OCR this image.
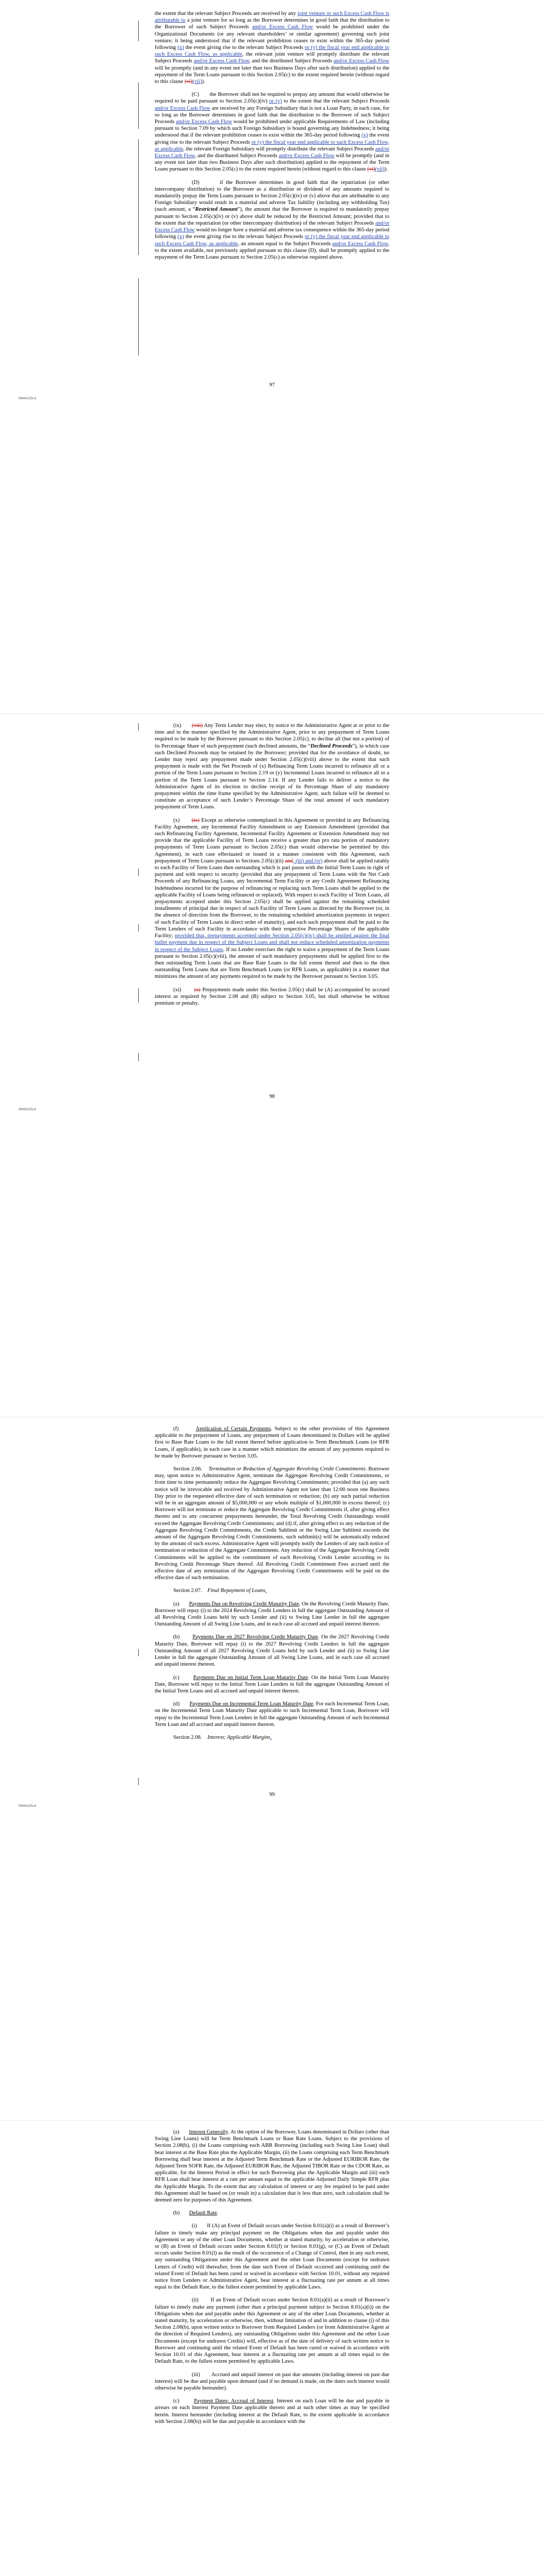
the extent that the relevant Subject Proceeds are received by any joint venture or such Excess Cash Flow is attributable to a joint venture for so long as the Borrower determines in good faith that the distribution to the Borrower of such Subject Proceeds and/or Excess Cash Flow would be prohibited under the Organizational Documents (or any relevant shareholders’ or similar agreement) governing such joint venture; it being understood that if the relevant prohibition ceases to exist within the 365-day period following (x) the event giving rise to the relevant Subject Proceeds or (y) the fiscal year end applicable to such Excess Cash Flow, as applicable, the relevant joint venture will promptly distribute the relevant Subject Proceeds and/or Excess Cash Flow, and the distributed Subject Proceeds and/or Excess Cash Flow will be promptly (and in any event not later than two Business Days after such distribution) applied to the repayment of the Term Loans pursuant to this Section 2.05(c) to the extent required herein (without regard to this clause (vi)(vii)).

(C)       the Borrower shall not be required to prepay any amount that would otherwise be required to be paid pursuant to Section 2.05(c)(iv) or (v) to the extent that the relevant Subject Proceeds and/or Excess Cash Flow are received by any Foreign Subsidiary that is not a Loan Party, in each case, for so long as the Borrower determines in good faith that the distribution to the Borrower of such Subject Proceeds and/or Excess Cash Flow would be prohibited under applicable Requirements of Law (including pursuant to Section 7.09 by which such Foreign Subsidiary is bound governing any Indebtedness; it being understood that if the relevant prohibition ceases to exist within the 365-day period following (x) the event giving rise to the relevant Subject Proceeds or (y) the fiscal year end applicable to such Excess Cash Flow, as applicable, the relevant Foreign Subsidiary will promptly distribute the relevant Subject Proceeds and/or Excess Cash Flow, and the distributed Subject Proceeds and/or Excess Cash Flow will be promptly (and in any event not later than two Business Days after such distribution) applied to the repayment of the Term Loans pursuant to this Section 2.05(c) to the extent required herein (without regard to this clause (vi)(vii)).

(D)       if the Borrower determines in good faith that the repatriation (or other intercompany distribution) to the Borrower as a distribution or dividend of any amounts required to mandatorily prepay the Term Loans pursuant to Section 2.05(c)(iv) or (v) above that are attributable to any Foreign Subsidiary would result in a material and adverse Tax liability (including any withholding Tax) (such amount, a “Restricted Amount”), the amount that the Borrower is required to mandatorily prepay pursuant to Section 2.05(c)(iv) or (v) above shall be reduced by the Restricted Amount; provided that to the extent that the repatriation (or other intercompany distribution) of the relevant Subject Proceeds and/or Excess Cash Flow would no longer have a material and adverse tax consequence within the 365-day period following (x) the event giving rise to the relevant Subject Proceeds or (y) the fiscal year end applicable to such Excess Cash Flow, as applicable, an amount equal to the Subject Proceeds and/or Excess Cash Flow, to the extent available, not previously applied pursuant to this clause (D), shall be promptly applied to the repayment of the Term Loans pursuant to Section 2.05(c) as otherwise required above.

97
99494225v.6

(ix)       (viii) Any Term Lender may elect, by notice to the Administrative Agent at or prior to the time and in the manner specified by the Administrative Agent, prior to any prepayment of Term Loans required to be made by the Borrower pursuant to this Section 2.05(c), to decline all (but not a portion) of its Percentage Share of such prepayment (such declined amounts, the “Declined Proceeds”), in which case such Declined Proceeds may be retained by the Borrower; provided that for the avoidance of doubt, no Lender may reject any prepayment made under Section 2.05(c)(viii) above to the extent that such prepayment is made with the Net Proceeds of (x) Refinancing Term Loans incurred to refinance all or a portion of the Term Loans pursuant to Section 2.19 or (y) Incremental Loans incurred to refinance all or a portion of the Term Loans pursuant to Section 2.14. If any Lender fails to deliver a notice to the Administrative Agent of its election to decline receipt of its Percentage Share of any mandatory prepayment within the time frame specified by the Administrative Agent, such failure will be deemed to constitute an acceptance of such Lender’s Percentage Share of the total amount of such mandatory prepayment of Term Loans.

(x)       (ix) Except as otherwise contemplated in this Agreement or provided in any Refinancing Facility Agreement, any Incremental Facility Amendment or any Extension Amendment (provided that such Refinancing Facility Agreement, Incremental Facility Agreement or Extension Amendment may not provide that the applicable Facility of Term Loans receive a greater than pro rata portion of mandatory prepayments of Term Loans pursuant to Section 2.05(c) than would otherwise be permitted by this Agreement), in each case effectuated or issued in a manner consistent with this Agreement, each prepayment of Term Loans pursuant to Sections 2.05(c)(ii) and, (iii) and (iv) above shall be applied ratably to each Facility of Term Loans then outstanding which is pari passu with the Initial Term Loans in right of payment and with respect to security (provided that any prepayment of Term Loans with the Net Cash Proceeds of any Refinancing Loans, any Incremental Term Facility or any Credit Agreement Refinancing Indebtedness incurred for the purpose of refinancing or replacing such Term Loans shall be applied to the applicable Facility of Loans being refinanced or replaced). With respect to each Facility of Term Loans, all prepayments accepted under this Section 2.05(c) shall be applied against the remaining scheduled installments of principal due in respect of such Facility of Term Loans as directed by the Borrower (or, in the absence of direction from the Borrower, to the remaining scheduled amortization payments in respect of such Facility of Term Loans in direct order of maturity), and each such prepayment shall be paid to the Term Lenders of such Facility in accordance with their respective Percentage Shares of the applicable Facility; provided that, prepayments accepted under Section 2.05(c)(iv) shall be applied against the final bullet payment due in respect of the Subject Loans and shall not reduce scheduled amortization payments in respect of the Subject Loans. If no Lender exercises the right to waive a prepayment of the Term Loans pursuant to Section 2.05(c)(viii), the amount of such mandatory prepayments shall be applied first to the then outstanding Term Loans that are Base Rate Loans to the full extent thereof and then to the then outstanding Term Loans that are Term Benchmark Loans (or RFR Loans, as applicable) in a manner that minimizes the amount of any payments required to be made by the Borrower pursuant to Section 3.05.

(xi)       (x) Prepayments made under this Section 2.05(c) shall be (A) accompanied by accrued interest as required by Section 2.08 and (B) subject to Section 3.05, but shall otherwise be without premium or penalty.

98
99494225v.6

(f)       Application of Certain Payments. Subject to the other provisions of this Agreement applicable to the prepayment of Loans, any prepayment of Loans denominated in Dollars will be applied first to Base Rate Loans to the full extent thereof before application to Term Benchmark Loans (or RFR Loans, if applicable), in each case in a manner which minimizes the amount of any payments required to be made by Borrower pursuant to Section 3.05.

Section 2.06.    Termination or Reduction of Aggregate Revolving Credit Commitments. Borrower may, upon notice to Administrative Agent, terminate the Aggregate Revolving Credit Commitments, or from time to time permanently reduce the Aggregate Revolving Commitments; provided that (a) any such notice will be irrevocable and received by Administrative Agent not later than 12:00 noon one Business Day prior to the requested effective date of such termination or reduction; (b) any such partial reduction will be in an aggregate amount of $5,000,000 or any whole multiple of $1,000,000 in excess thereof; (c) Borrower will not terminate or reduce the Aggregate Revolving Credit Commitments if, after giving effect thereto and to any concurrent prepayments hereunder, the Total Revolving Credit Outstandings would exceed the Aggregate Revolving Credit Commitments; and (d) if, after giving effect to any reduction of the Aggregate Revolving Credit Commitments, the Credit Sublimit or the Swing Line Sublimit exceeds the amount of the Aggregate Revolving Credit Commitments, such sublimit(s) will be automatically reduced by the amount of such excess. Administrative Agent will promptly notify the Lenders of any such notice of termination or reduction of the Aggregate Commitments. Any reduction of the Aggregate Revolving Credit Commitments will be applied to the commitment of each Revolving Credit Lender according to its Revolving Credit Percentage Share thereof. All Revolving Credit Commitment Fees accrued until the effective date of any termination of the Aggregate Revolving Credit Commitments will be paid on the effective date of such termination.

Section 2.07.    Final Repayment of Loans.

(a)       Payments Due on Revolving Credit Maturity Date. On the Revolving Credit Maturity Date, Borrower will repay (i) to the 2024 Revolving Credit Lenders in full the aggregate Outstanding Amount of all Revolving Credit Loans held by such Lender and (ii) to Swing Line Lender in full the aggregate Outstanding Amount of all Swing Line Loans, and in each case all accrued and unpaid interest thereon.

(b)       Payments Due on 2027 Revolving Credit Maturity Date. On the 2027 Revolving Credit Maturity Date, Borrower will repay (i) to the 2027 Revolving Credit Lenders in full the aggregate Outstanding Amount of all 2027 Revolving Credit Loans held by such Lender and (ii) to Swing Line Lender in full the aggregate Outstanding Amount of all Swing Line Loans, and in each case all accrued and unpaid interest thereon.

(c)       Payments Due on Initial Term Loan Maturity Date. On the Initial Term Loan Maturity Date, Borrower will repay to the Initial Term Loan Lenders in full the aggregate Outstanding Amount of the Initial Term Loans and all accrued and unpaid interest thereon.

(d)       Payments Due on Incremental Term Loan Maturity Date. For each Incremental Term Loan, on the Incremental Term Loan Maturity Date applicable to such Incremental Term Loan, Borrower will repay to the Incremental Term Loan Lenders in full the aggregate Outstanding Amount of such Incremental Term Loan and all accrued and unpaid interest thereon.

Section 2.08.    Interest; Applicable Margins.

99
99494225v.6

(a)       Interest Generally. At the option of the Borrower, Loans denominated in Dollars (other than Swing Line Loans) will be Term Benchmark Loans or Base Rate Loans. Subject to the provisions of Section 2.08(b), (i) the Loans comprising each ABR Borrowing (including each Swing Line Loan) shall bear interest at the Base Rate plus the Applicable Margin, (ii) the Loans comprising each Term Benchmark Borrowing shall bear interest at the Adjusted Term Benchmark Rate or the Adjusted EURIBOR Rate, the Adjusted Term SOFR Rate, the Adjusted EURIBOR Rate, the Adjusted TIBOR Rate or the CDOR Rate, as applicable, for the Interest Period in effect for such Borrowing plus the Applicable Margin and (iii) each RFR Loan shall bear interest at a rate per annum equal to the applicable Adjusted Daily Simple RFR plus the Applicable Margin. To the extent that any calculation of interest or any fee required to be paid under this Agreement shall be based on (or result in) a calculation that is less than zero, such calculation shall be deemed zero for purposes of this Agreement.

(b)       Default Rate.

(i)       If (A) an Event of Default occurs under Section 8.01(a)(i) as a result of Borrower’s failure to timely make any principal payment on the Obligations when due and payable under this Agreement or any of the other Loan Documents, whether at stated maturity, by acceleration or otherwise, or (B) an Event of Default occurs under Section 8.01(f) or Section 8.01(g), or (C) an Event of Default occurs under Section 8.01(l) as the result of the occurrence of a Change of Control, then in any such event, any outstanding Obligations under this Agreement and the other Loan Documents (except for undrawn Letters of Credit) will thereafter, from the date such Event of Default occurred and continuing until the related Event of Default has been cured or waived in accordance with Section 10.01, without any required notice from Lenders or Administrative Agent, bear interest at a fluctuating rate per annum at all times equal to the Default Rate, to the fullest extent permitted by applicable Laws.

(ii)       If an Event of Default occurs under Section 8.01(a)(ii) as a result of Borrower’s failure to timely make any payment (other than a principal payment subject to Section 8.01(a)(i)) on the Obligations when due and payable under this Agreement or any of the other Loan Documents, whether at stated maturity, by acceleration or otherwise, then, without limitation of and in addition to clause (i) of this Section 2.08(b), upon written notice to Borrower from Required Lenders (or from Administrative Agent at the direction of Required Lenders), any outstanding Obligations under this Agreement and the other Loan Documents (except for undrawn Credits) will, effective as of the date of delivery of such written notice to Borrower and continuing until the related Event of Default has been cured or waived in accordance with Section 10.01 of this Agreement, bear interest at a fluctuating rate per annum at all times equal to the Default Rate, to the fullest extent permitted by applicable Laws.

(iii)       Accrued and unpaid interest on past due amounts (including interest on past due interest) will be due and payable upon demand (and if no demand is made, on the dates such interest would otherwise be payable hereunder).

(c)       Payment Dates; Accrual of Interest. Interest on each Loan will be due and payable in arrears on each Interest Payment Date applicable thereto and at such other times as may be specified herein. Interest hereunder (including interest at the Default Rate, to the extent applicable in accordance with Section 2.08(b)) will be due and payable in accordance with the
